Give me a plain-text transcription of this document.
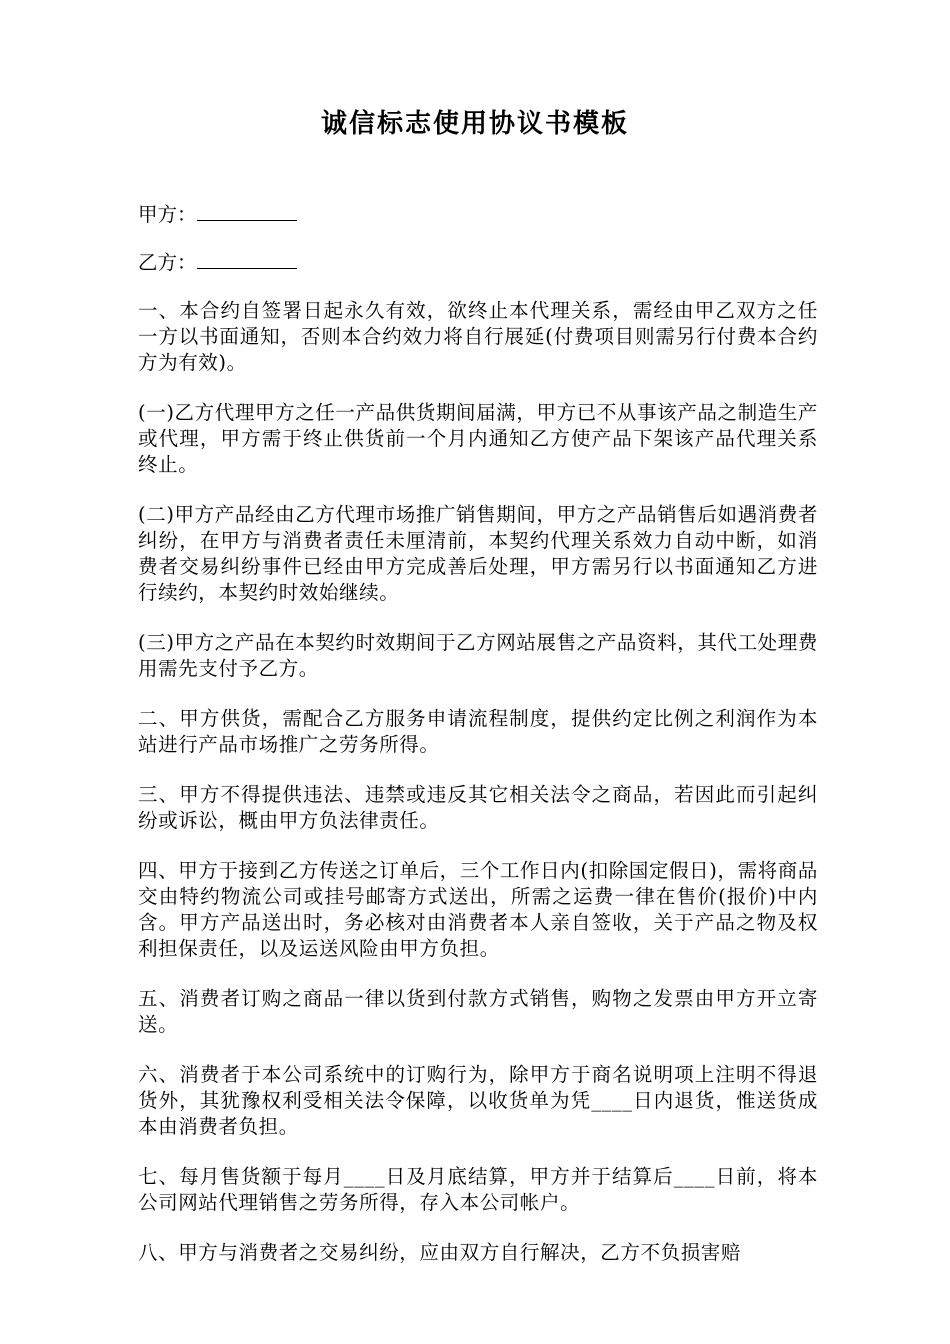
诚信标志使用协议书模板
甲方：
乙方：

一、本合约自签署日起永久有效，欲终止本代理关系，需经由甲乙双方之任一方以书面通知，否则本合约效力将自行展延(付费项目则需另行付费本合约方为有效)。

(一)乙方代理甲方之任一产品供货期间届满，甲方已不从事该产品之制造生产或代理，甲方需于终止供货前一个月内通知乙方使产品下架该产品代理关系终止。

(二)甲方产品经由乙方代理市场推广销售期间，甲方之产品销售后如遇消费者纠纷，在甲方与消费者责任未厘清前，本契约代理关系效力自动中断，如消费者交易纠纷事件已经由甲方完成善后处理，甲方需另行以书面通知乙方进行续约，本契约时效始继续。

(三)甲方之产品在本契约时效期间于乙方网站展售之产品资料，其代工处理费用需先支付予乙方。

二、甲方供货，需配合乙方服务申请流程制度，提供约定比例之利润作为本站进行产品市场推广之劳务所得。

三、甲方不得提供违法、违禁或违反其它相关法令之商品，若因此而引起纠纷或诉讼，概由甲方负法律责任。

四、甲方于接到乙方传送之订单后，三个工作日内(扣除国定假日)，需将商品交由特约物流公司或挂号邮寄方式送出，所需之运费一律在售价(报价)中内含。甲方产品送出时，务必核对由消费者本人亲自签收，关于产品之物及权利担保责任，以及运送风险由甲方负担。

五、消费者订购之商品一律以货到付款方式销售，购物之发票由甲方开立寄送。

六、消费者于本公司系统中的订购行为，除甲方于商名说明项上注明不得退货外，其犹豫权利受相关法令保障，以收货单为凭____日内退货，惟送货成本由消费者负担。

七、每月售货额于每月____日及月底结算，甲方并于结算后____日前，将本公司网站代理销售之劳务所得，存入本公司帐户。

八、甲方与消费者之交易纠纷，应由双方自行解决，乙方不负损害赔
